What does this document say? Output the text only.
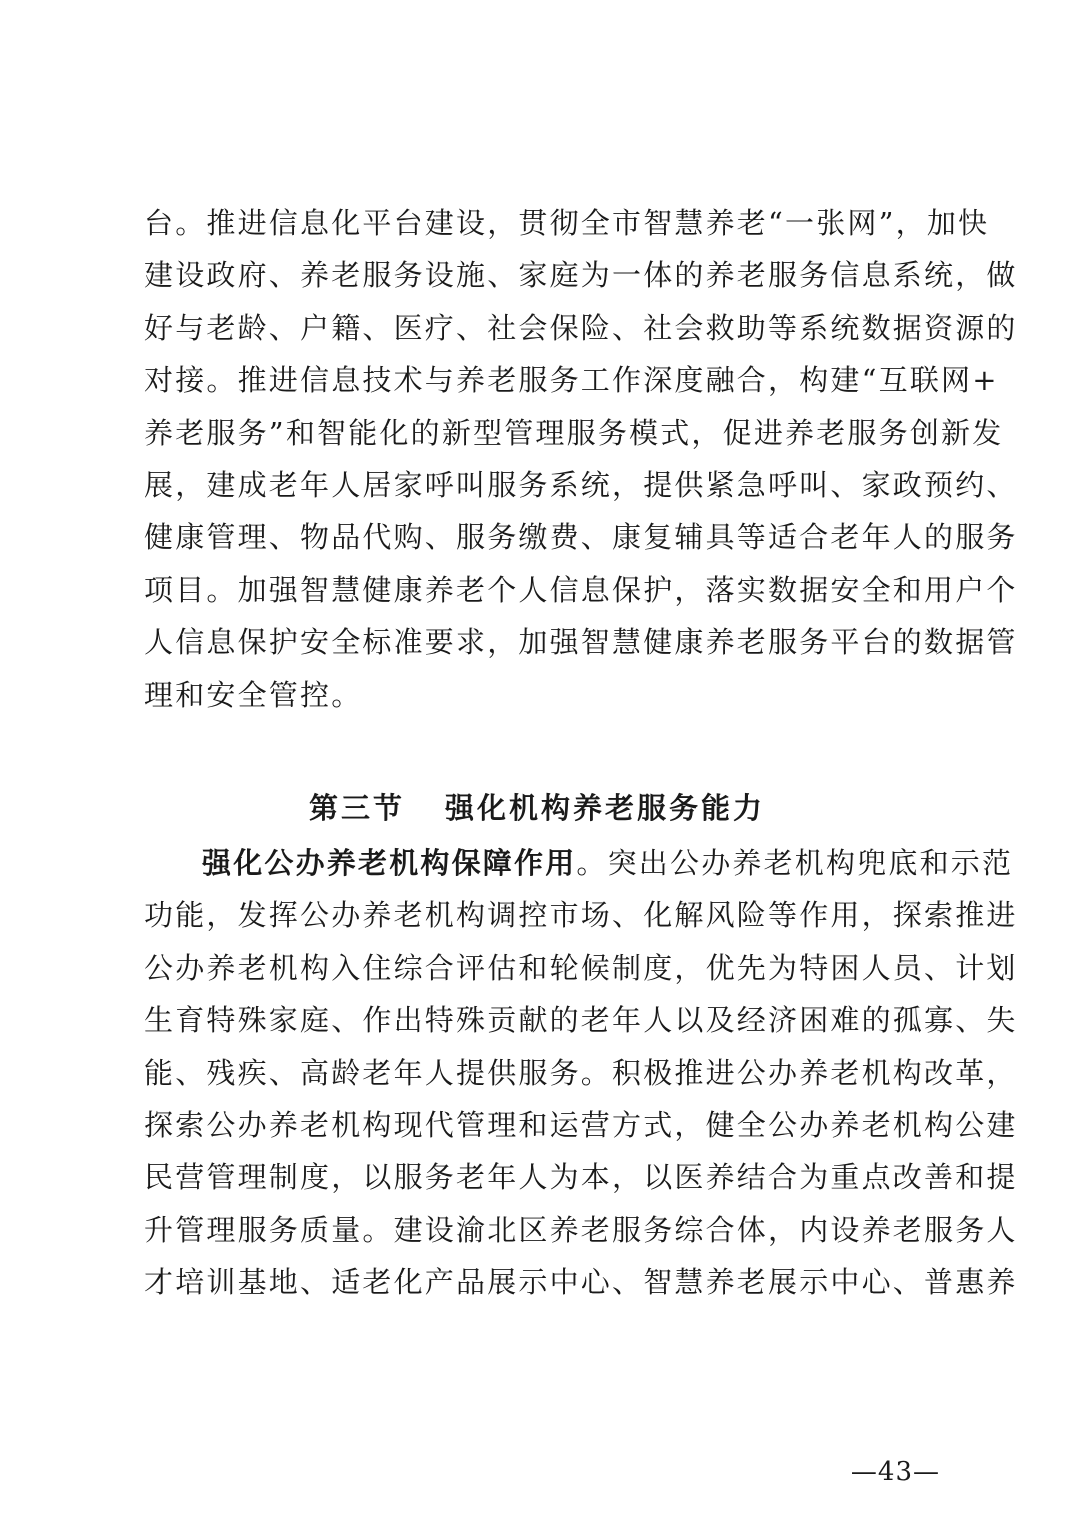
台。推进信息化平台建设，贯彻全市智慧养老“一张网”，加快
建设政府、养老服务设施、家庭为一体的养老服务信息系统，做
好与老龄、户籍、医疗、社会保险、社会救助等系统数据资源的
对接。推进信息技术与养老服务工作深度融合，构建“互联网+
养老服务”和智能化的新型管理服务模式，促进养老服务创新发
展，建成老年人居家呼叫服务系统，提供紧急呼叫、家政预约、
健康管理、物品代购、服务缴费、康复辅具等适合老年人的服务
项目。加强智慧健康养老个人信息保护，落实数据安全和用户个
人信息保护安全标准要求，加强智慧健康养老服务平台的数据管
理和安全管控。
第三节 强化机构养老服务能力
强化公办养老机构保障作用。突出公办养老机构兜底和示范
功能，发挥公办养老机构调控市场、化解风险等作用，探索推进
公办养老机构入住综合评估和轮候制度，优先为特困人员、计划
生育特殊家庭、作出特殊贡献的老年人以及经济困难的孤寡、失
能、残疾、高龄老年人提供服务。积极推进公办养老机构改革，
探索公办养老机构现代管理和运营方式，健全公办养老机构公建
民营管理制度，以服务老年人为本，以医养结合为重点改善和提
升管理服务质量。建设渝北区养老服务综合体，内设养老服务人
才培训基地、适老化产品展示中心、智慧养老展示中心、普惠养
—43—
